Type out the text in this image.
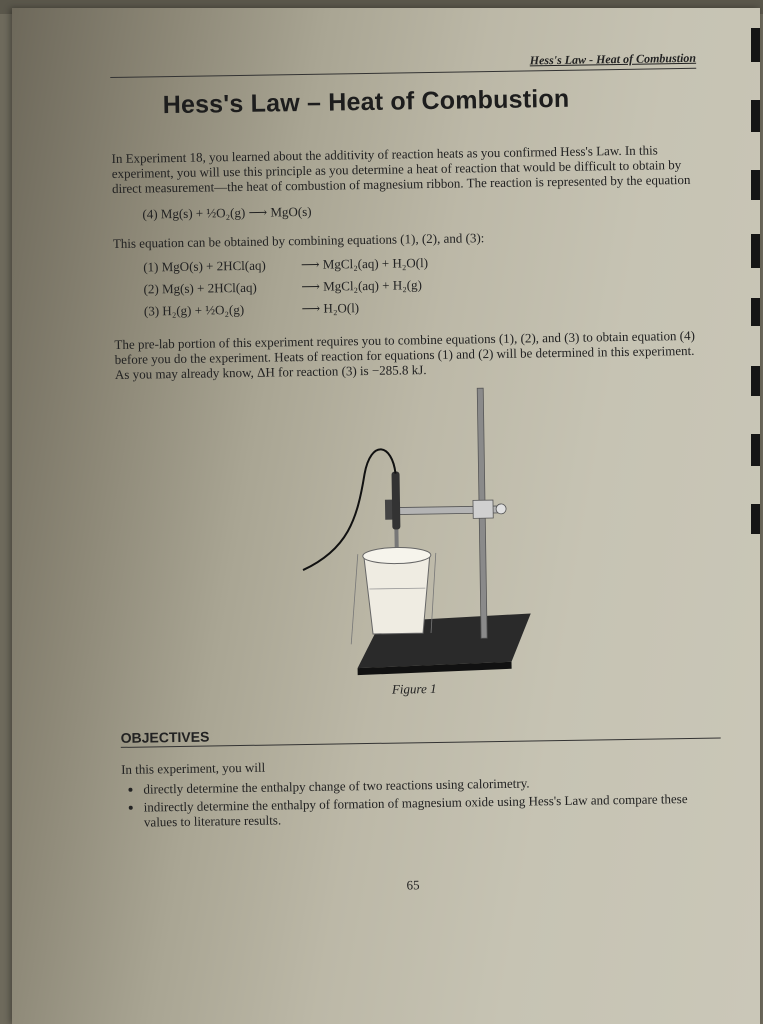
Hess's Law - Heat of Combustion
Hess's Law – Heat of Combustion

In Experiment 18, you learned about the additivity of reaction heats as you confirmed Hess's Law. In this experiment, you will use this principle as you determine a heat of reaction that would be difficult to obtain by direct measurement—the heat of combustion of magnesium ribbon. The reaction is represented by the equation

(4) Mg(s) + ½O₂(g) ⟶ MgO(s)

This equation can be obtained by combining equations (1), (2), and (3):

(1) MgO(s) + 2HCl(aq)	⟶ MgCl₂(aq) + H₂O(l)
(2) Mg(s) + 2HCl(aq)	⟶ MgCl₂(aq) + H₂(g)
(3) H₂(g) + ½O₂(g)	⟶ H₂O(l)

The pre-lab portion of this experiment requires you to combine equations (1), (2), and (3) to obtain equation (4) before you do the experiment. Heats of reaction for equations (1) and (2) will be determined in this experiment. As you may already know, ΔH for reaction (3) is −285.8 kJ.

Figure 1
OBJECTIVES

In this experiment, you will

• directly determine the enthalpy change of two reactions using calorimetry.
• indirectly determine the enthalpy of formation of magnesium oxide using Hess's Law and compare these values to literature results.
65
